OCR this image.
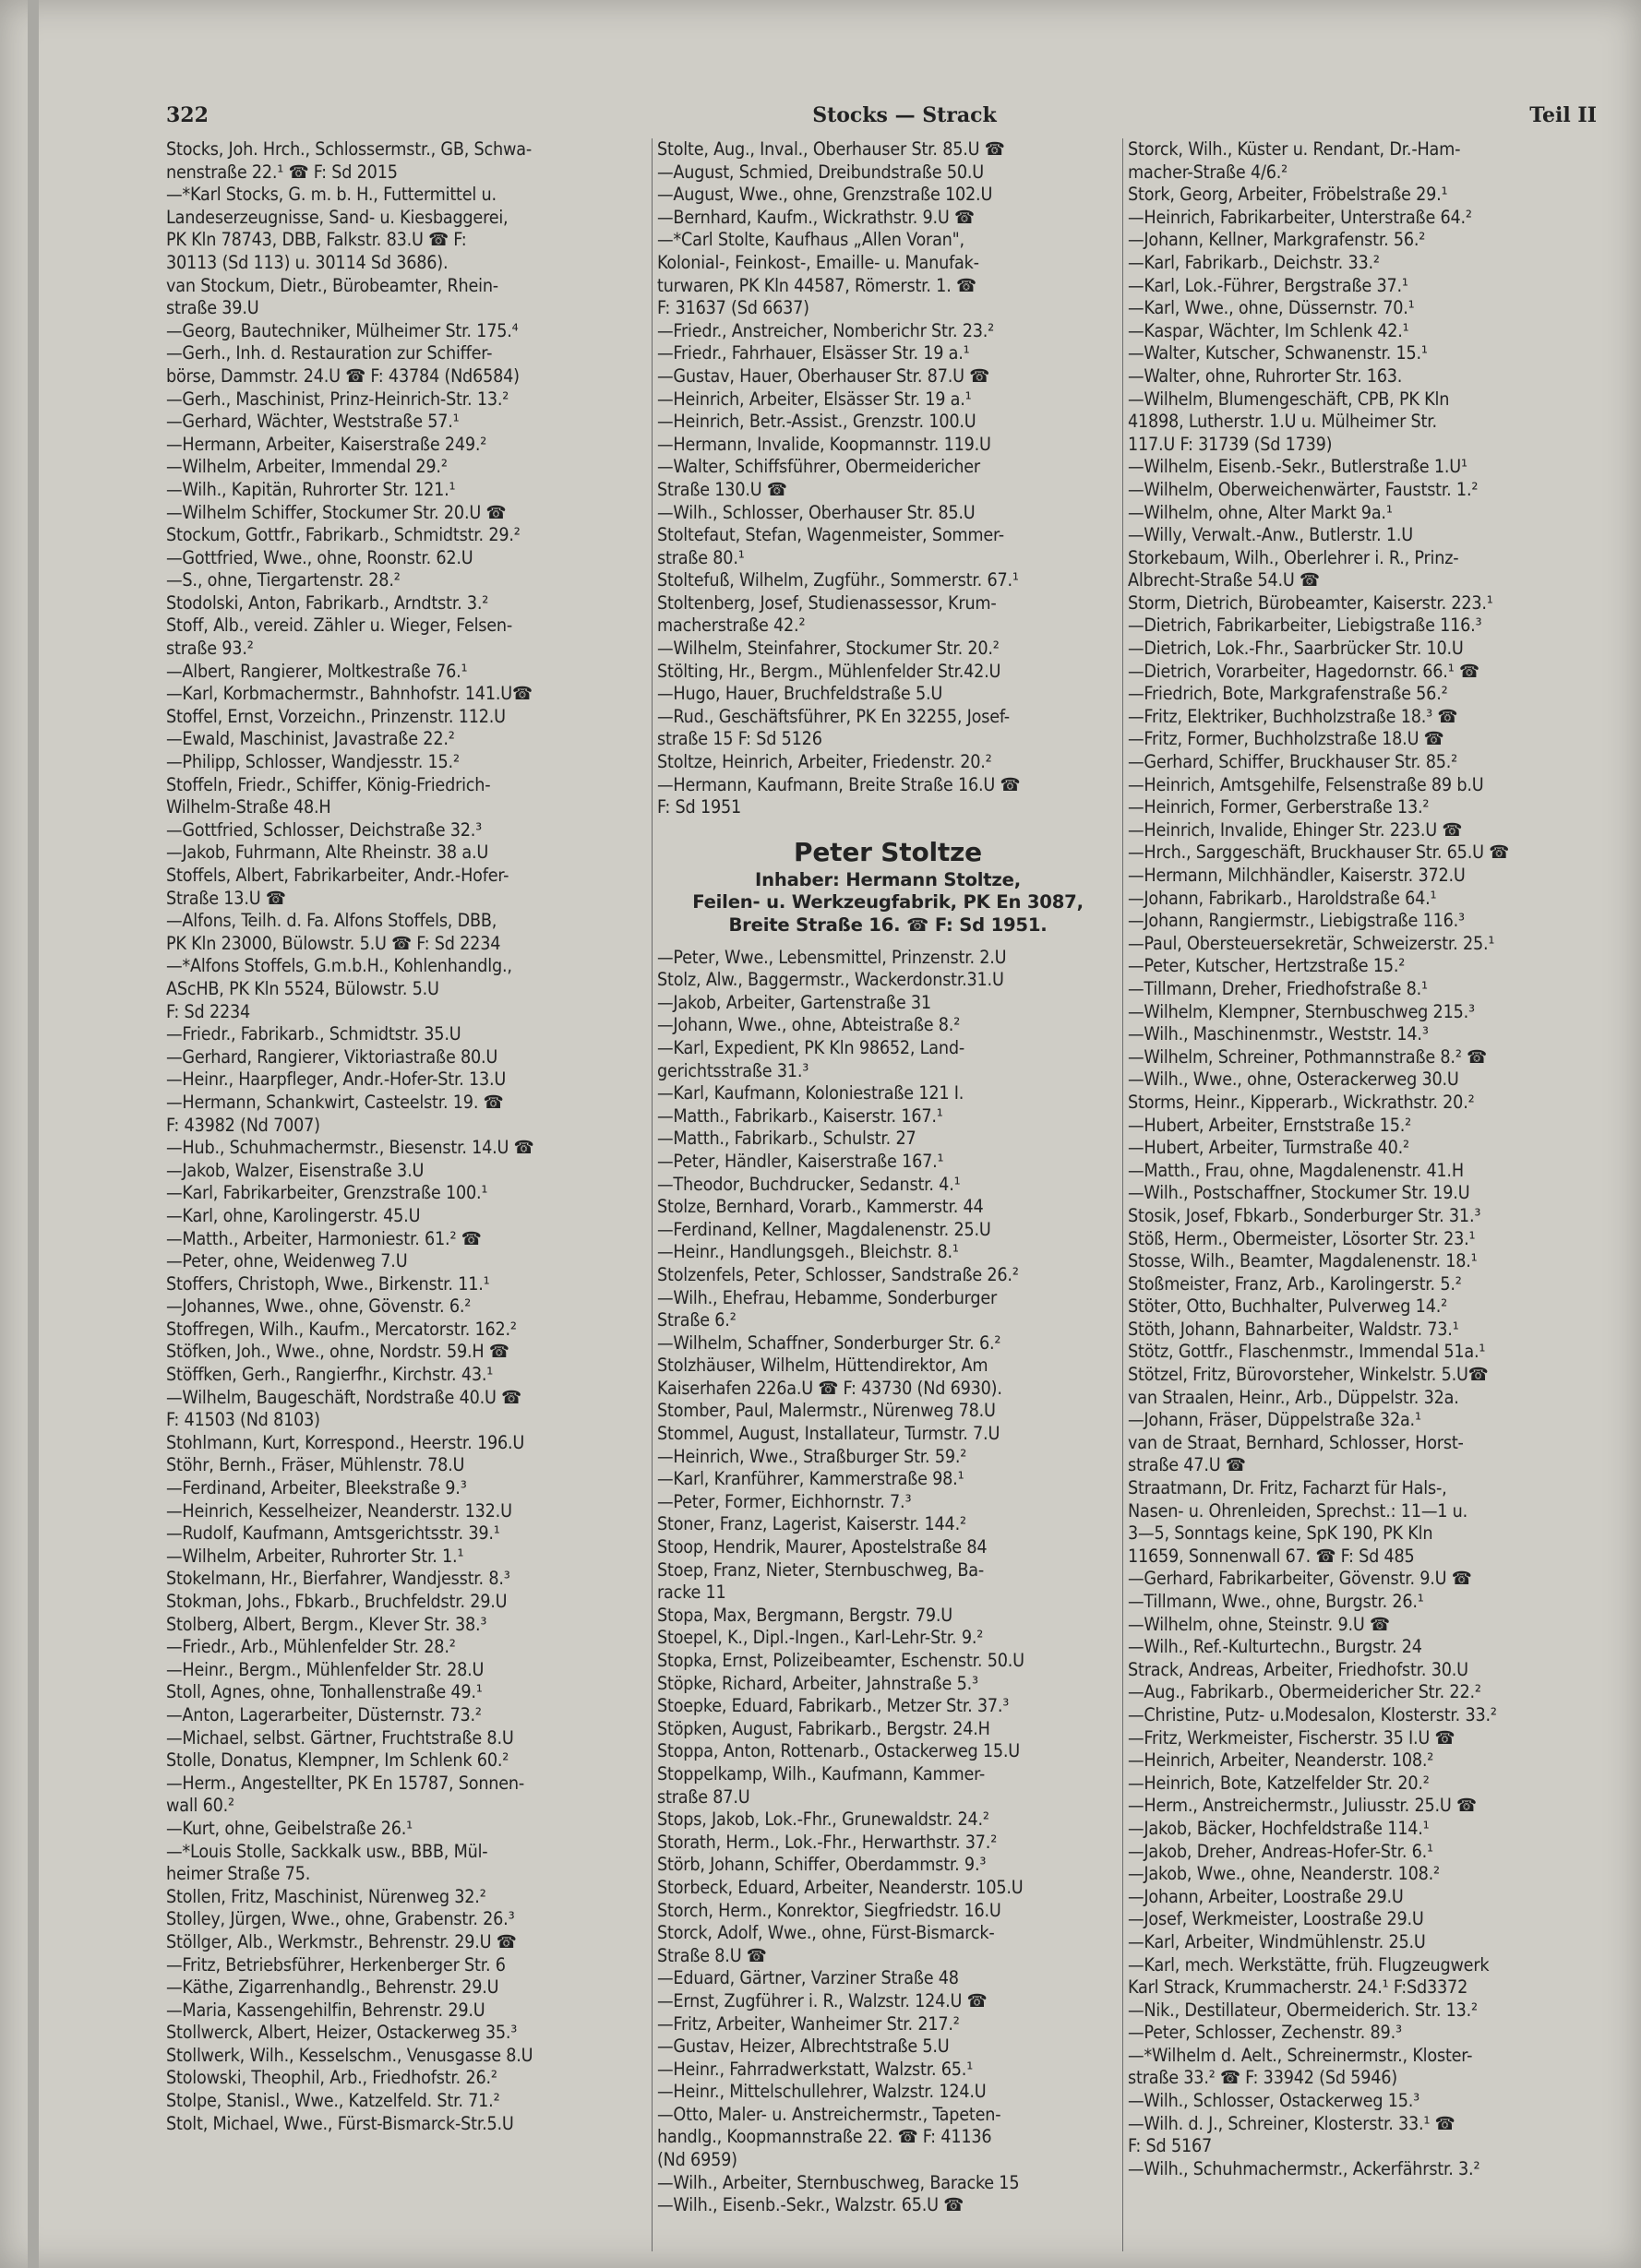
322	Stocks — Strack	Teil II

Stocks, Joh. Hrch., Schlossermstr., GB, Schwa-

nenstraße 22.¹ ☎ F: Sd 2015

—*Karl Stocks, G. m. b. H., Futtermittel u.

Landeserzeugnisse, Sand- u. Kiesbaggerei,

PK Kln 78743, DBB, Falkstr. 83.U ☎ F:

30113 (Sd 113) u. 30114 Sd 3686).

van Stockum, Dietr., Bürobeamter, Rhein-

straße 39.U

—Georg, Bautechniker, Mülheimer Str. 175.⁴

—Gerh., Inh. d. Restauration zur Schiffer-

börse, Dammstr. 24.U ☎ F: 43784 (Nd6584)

—Gerh., Maschinist, Prinz-Heinrich-Str. 13.²

—Gerhard, Wächter, Weststraße 57.¹

—Hermann, Arbeiter, Kaiserstraße 249.²

—Wilhelm, Arbeiter, Immendal 29.²

—Wilh., Kapitän, Ruhrorter Str. 121.¹

—Wilhelm Schiffer, Stockumer Str. 20.U ☎

Stockum, Gottfr., Fabrikarb., Schmidtstr. 29.²

—Gottfried, Wwe., ohne, Roonstr. 62.U

—S., ohne, Tiergartenstr. 28.²

Stodolski, Anton, Fabrikarb., Arndtstr. 3.²

Stoff, Alb., vereid. Zähler u. Wieger, Felsen-

straße 93.²

—Albert, Rangierer, Moltkestraße 76.¹

—Karl, Korbmachermstr., Bahnhofstr. 141.U☎

Stoffel, Ernst, Vorzeichn., Prinzenstr. 112.U

—Ewald, Maschinist, Javastraße 22.²

—Philipp, Schlosser, Wandjesstr. 15.²

Stoffeln, Friedr., Schiffer, König-Friedrich-

Wilhelm-Straße 48.H

—Gottfried, Schlosser, Deichstraße 32.³

—Jakob, Fuhrmann, Alte Rheinstr. 38 a.U

Stoffels, Albert, Fabrikarbeiter, Andr.-Hofer-

Straße 13.U ☎

—Alfons, Teilh. d. Fa. Alfons Stoffels, DBB,

PK Kln 23000, Bülowstr. 5.U ☎ F: Sd 2234

—*Alfons Stoffels, G.m.b.H., Kohlenhandlg.,

AScHB, PK Kln 5524, Bülowstr. 5.U

F: Sd 2234

—Friedr., Fabrikarb., Schmidtstr. 35.U

—Gerhard, Rangierer, Viktoriastraße 80.U

—Heinr., Haarpfleger, Andr.-Hofer-Str. 13.U

—Hermann, Schankwirt, Casteelstr. 19. ☎

F: 43982 (Nd 7007)

—Hub., Schuhmachermstr., Biesenstr. 14.U ☎

—Jakob, Walzer, Eisenstraße 3.U

—Karl, Fabrikarbeiter, Grenzstraße 100.¹

—Karl, ohne, Karolingerstr. 45.U

—Matth., Arbeiter, Harmoniestr. 61.² ☎

—Peter, ohne, Weidenweg 7.U

Stoffers, Christoph, Wwe., Birkenstr. 11.¹

—Johannes, Wwe., ohne, Gövenstr. 6.²

Stoffregen, Wilh., Kaufm., Mercatorstr. 162.²

Stöfken, Joh., Wwe., ohne, Nordstr. 59.H ☎

Stöffken, Gerh., Rangierfhr., Kirchstr. 43.¹

—Wilhelm, Baugeschäft, Nordstraße 40.U ☎

F: 41503 (Nd 8103)

Stohlmann, Kurt, Korrespond., Heerstr. 196.U

Stöhr, Bernh., Fräser, Mühlenstr. 78.U

—Ferdinand, Arbeiter, Bleekstraße 9.³

—Heinrich, Kesselheizer, Neanderstr. 132.U

—Rudolf, Kaufmann, Amtsgerichtsstr. 39.¹

—Wilhelm, Arbeiter, Ruhrorter Str. 1.¹

Stokelmann, Hr., Bierfahrer, Wandjesstr. 8.³

Stokman, Johs., Fbkarb., Bruchfeldstr. 29.U

Stolberg, Albert, Bergm., Klever Str. 38.³

—Friedr., Arb., Mühlenfelder Str. 28.²

—Heinr., Bergm., Mühlenfelder Str. 28.U

Stoll, Agnes, ohne, Tonhallenstraße 49.¹

—Anton, Lagerarbeiter, Düsternstr. 73.²

—Michael, selbst. Gärtner, Fruchtstraße 8.U

Stolle, Donatus, Klempner, Im Schlenk 60.²

—Herm., Angestellter, PK En 15787, Sonnen-

wall 60.²

—Kurt, ohne, Geibelstraße 26.¹

—*Louis Stolle, Sackkalk usw., BBB, Mül-

heimer Straße 75.

Stollen, Fritz, Maschinist, Nürenweg 32.²

Stolley, Jürgen, Wwe., ohne, Grabenstr. 26.³

Stöllger, Alb., Werkmstr., Behrenstr. 29.U ☎

—Fritz, Betriebsführer, Herkenberger Str. 6

—Käthe, Zigarrenhandlg., Behrenstr. 29.U

—Maria, Kassengehilfin, Behrenstr. 29.U

Stollwerck, Albert, Heizer, Ostackerweg 35.³

Stollwerk, Wilh., Kesselschm., Venusgasse 8.U

Stolowski, Theophil, Arb., Friedhofstr. 26.²

Stolpe, Stanisl., Wwe., Katzelfeld. Str. 71.²

Stolt, Michael, Wwe., Fürst-Bismarck-Str.5.U

Stolte, Aug., Inval., Oberhauser Str. 85.U ☎

—August, Schmied, Dreibundstraße 50.U

—August, Wwe., ohne, Grenzstraße 102.U

—Bernhard, Kaufm., Wickrathstr. 9.U ☎

—*Carl Stolte, Kaufhaus „Allen Voran",

Kolonial-, Feinkost-, Emaille- u. Manufak-

turwaren, PK Kln 44587, Römerstr. 1. ☎

F: 31637 (Sd 6637)

—Friedr., Anstreicher, Nomberichr Str. 23.²

—Friedr., Fahrhauer, Elsässer Str. 19 a.¹

—Gustav, Hauer, Oberhauser Str. 87.U ☎

—Heinrich, Arbeiter, Elsässer Str. 19 a.¹

—Heinrich, Betr.-Assist., Grenzstr. 100.U

—Hermann, Invalide, Koopmannstr. 119.U

—Walter, Schiffsführer, Obermeidericher

Straße 130.U ☎

—Wilh., Schlosser, Oberhauser Str. 85.U

Stoltefaut, Stefan, Wagenmeister, Sommer-

straße 80.¹

Stoltefuß, Wilhelm, Zugführ., Sommerstr. 67.¹

Stoltenberg, Josef, Studienassessor, Krum-

macherstraße 42.²

—Wilhelm, Steinfahrer, Stockumer Str. 20.²

Stölting, Hr., Bergm., Mühlenfelder Str.42.U

—Hugo, Hauer, Bruchfeldstraße 5.U

—Rud., Geschäftsführer, PK En 32255, Josef-

straße 15 F: Sd 5126

Stoltze, Heinrich, Arbeiter, Friedenstr. 20.²

—Hermann, Kaufmann, Breite Straße 16.U ☎

F: Sd 1951

Peter Stoltze

Inhaber: Hermann Stoltze,

Feilen- u. Werkzeugfabrik, PK En 3087,

Breite Straße 16. ☎ F: Sd 1951.

—Peter, Wwe., Lebensmittel, Prinzenstr. 2.U

Stolz, Alw., Baggermstr., Wackerdonstr.31.U

—Jakob, Arbeiter, Gartenstraße 31

—Johann, Wwe., ohne, Abteistraße 8.²

—Karl, Expedient, PK Kln 98652, Land-

gerichtsstraße 31.³

—Karl, Kaufmann, Koloniestraße 121 I.

—Matth., Fabrikarb., Kaiserstr. 167.¹

—Matth., Fabrikarb., Schulstr. 27

—Peter, Händler, Kaiserstraße 167.¹

—Theodor, Buchdrucker, Sedanstr. 4.¹

Stolze, Bernhard, Vorarb., Kammerstr. 44

—Ferdinand, Kellner, Magdalenenstr. 25.U

—Heinr., Handlungsgeh., Bleichstr. 8.¹

Stolzenfels, Peter, Schlosser, Sandstraße 26.²

—Wilh., Ehefrau, Hebamme, Sonderburger

Straße 6.²

—Wilhelm, Schaffner, Sonderburger Str. 6.²

Stolzhäuser, Wilhelm, Hüttendirektor, Am

Kaiserhafen 226a.U ☎ F: 43730 (Nd 6930).

Stomber, Paul, Malermstr., Nürenweg 78.U

Stommel, August, Installateur, Turmstr. 7.U

—Heinrich, Wwe., Straßburger Str. 59.²

—Karl, Kranführer, Kammerstraße 98.¹

—Peter, Former, Eichhornstr. 7.³

Stoner, Franz, Lagerist, Kaiserstr. 144.²

Stoop, Hendrik, Maurer, Apostelstraße 84

Stoep, Franz, Nieter, Sternbuschweg, Ba-

racke 11

Stopa, Max, Bergmann, Bergstr. 79.U

Stoepel, K., Dipl.-Ingen., Karl-Lehr-Str. 9.²

Stopka, Ernst, Polizeibeamter, Eschenstr. 50.U

Stöpke, Richard, Arbeiter, Jahnstraße 5.³

Stoepke, Eduard, Fabrikarb., Metzer Str. 37.³

Stöpken, August, Fabrikarb., Bergstr. 24.H

Stoppa, Anton, Rottenarb., Ostackerweg 15.U

Stoppelkamp, Wilh., Kaufmann, Kammer-

straße 87.U

Stops, Jakob, Lok.-Fhr., Grunewaldstr. 24.²

Storath, Herm., Lok.-Fhr., Herwarthstr. 37.²

Störb, Johann, Schiffer, Oberdammstr. 9.³

Storbeck, Eduard, Arbeiter, Neanderstr. 105.U

Storch, Herm., Konrektor, Siegfriedstr. 16.U

Storck, Adolf, Wwe., ohne, Fürst-Bismarck-

Straße 8.U ☎

—Eduard, Gärtner, Varziner Straße 48

—Ernst, Zugführer i. R., Walzstr. 124.U ☎

—Fritz, Arbeiter, Wanheimer Str. 217.²

—Gustav, Heizer, Albrechtstraße 5.U

—Heinr., Fahrradwerkstatt, Walzstr. 65.¹

—Heinr., Mittelschullehrer, Walzstr. 124.U

—Otto, Maler- u. Anstreichermstr., Tapeten-

handlg., Koopmannstraße 22. ☎ F: 41136

(Nd 6959)

—Wilh., Arbeiter, Sternbuschweg, Baracke 15

—Wilh., Eisenb.-Sekr., Walzstr. 65.U ☎

Storck, Wilh., Küster u. Rendant, Dr.-Ham-

macher-Straße 4/6.²

Stork, Georg, Arbeiter, Fröbelstraße 29.¹

—Heinrich, Fabrikarbeiter, Unterstraße 64.²

—Johann, Kellner, Markgrafenstr. 56.²

—Karl, Fabrikarb., Deichstr. 33.²

—Karl, Lok.-Führer, Bergstraße 37.¹

—Karl, Wwe., ohne, Düssernstr. 70.¹

—Kaspar, Wächter, Im Schlenk 42.¹

—Walter, Kutscher, Schwanenstr. 15.¹

—Walter, ohne, Ruhrorter Str. 163.

—Wilhelm, Blumengeschäft, CPB, PK Kln

41898, Lutherstr. 1.U u. Mülheimer Str.

117.U F: 31739 (Sd 1739)

—Wilhelm, Eisenb.-Sekr., Butlerstraße 1.U¹

—Wilhelm, Oberweichenwärter, Fauststr. 1.²

—Wilhelm, ohne, Alter Markt 9a.¹

—Willy, Verwalt.-Anw., Butlerstr. 1.U

Storkebaum, Wilh., Oberlehrer i. R., Prinz-

Albrecht-Straße 54.U ☎

Storm, Dietrich, Bürobeamter, Kaiserstr. 223.¹

—Dietrich, Fabrikarbeiter, Liebigstraße 116.³

—Dietrich, Lok.-Fhr., Saarbrücker Str. 10.U

—Dietrich, Vorarbeiter, Hagedornstr. 66.¹ ☎

—Friedrich, Bote, Markgrafenstraße 56.²

—Fritz, Elektriker, Buchholzstraße 18.³ ☎

—Fritz, Former, Buchholzstraße 18.U ☎

—Gerhard, Schiffer, Bruckhauser Str. 85.²

—Heinrich, Amtsgehilfe, Felsenstraße 89 b.U

—Heinrich, Former, Gerberstraße 13.²

—Heinrich, Invalide, Ehinger Str. 223.U ☎

—Hrch., Sarggeschäft, Bruckhauser Str. 65.U ☎

—Hermann, Milchhändler, Kaiserstr. 372.U

—Johann, Fabrikarb., Haroldstraße 64.¹

—Johann, Rangiermstr., Liebigstraße 116.³

—Paul, Obersteuersekretär, Schweizerstr. 25.¹

—Peter, Kutscher, Hertzstraße 15.²

—Tillmann, Dreher, Friedhofstraße 8.¹

—Wilhelm, Klempner, Sternbuschweg 215.³

—Wilh., Maschinenmstr., Weststr. 14.³

—Wilhelm, Schreiner, Pothmannstraße 8.² ☎

—Wilh., Wwe., ohne, Osterackerweg 30.U

Storms, Heinr., Kipperarb., Wickrathstr. 20.²

—Hubert, Arbeiter, Ernststraße 15.²

—Hubert, Arbeiter, Turmstraße 40.²

—Matth., Frau, ohne, Magdalenenstr. 41.H

—Wilh., Postschaffner, Stockumer Str. 19.U

Stosik, Josef, Fbkarb., Sonderburger Str. 31.³

Stöß, Herm., Obermeister, Lösorter Str. 23.¹

Stosse, Wilh., Beamter, Magdalenenstr. 18.¹

Stoßmeister, Franz, Arb., Karolingerstr. 5.²

Stöter, Otto, Buchhalter, Pulverweg 14.²

Stöth, Johann, Bahnarbeiter, Waldstr. 73.¹

Stötz, Gottfr., Flaschenmstr., Immendal 51a.¹

Stötzel, Fritz, Bürovorsteher, Winkelstr. 5.U☎

van Straalen, Heinr., Arb., Düppelstr. 32a.

—Johann, Fräser, Düppelstraße 32a.¹

van de Straat, Bernhard, Schlosser, Horst-

straße 47.U ☎

Straatmann, Dr. Fritz, Facharzt für Hals-,

Nasen- u. Ohrenleiden, Sprechst.: 11—1 u.

3—5, Sonntags keine, SpK 190, PK Kln

11659, Sonnenwall 67. ☎ F: Sd 485

—Gerhard, Fabrikarbeiter, Gövenstr. 9.U ☎

—Tillmann, Wwe., ohne, Burgstr. 26.¹

—Wilhelm, ohne, Steinstr. 9.U ☎

—Wilh., Ref.-Kulturtechn., Burgstr. 24

Strack, Andreas, Arbeiter, Friedhofstr. 30.U

—Aug., Fabrikarb., Obermeidericher Str. 22.²

—Christine, Putz- u.Modesalon, Klosterstr. 33.²

—Fritz, Werkmeister, Fischerstr. 35 I.U ☎

—Heinrich, Arbeiter, Neanderstr. 108.²

—Heinrich, Bote, Katzelfelder Str. 20.²

—Herm., Anstreichermstr., Juliusstr. 25.U ☎

—Jakob, Bäcker, Hochfeldstraße 114.¹

—Jakob, Dreher, Andreas-Hofer-Str. 6.¹

—Jakob, Wwe., ohne, Neanderstr. 108.²

—Johann, Arbeiter, Loostraße 29.U

—Josef, Werkmeister, Loostraße 29.U

—Karl, Arbeiter, Windmühlenstr. 25.U

—Karl, mech. Werkstätte, früh. Flugzeugwerk

Karl Strack, Krummacherstr. 24.¹ F:Sd3372

—Nik., Destillateur, Obermeiderich. Str. 13.²

—Peter, Schlosser, Zechenstr. 89.³

—*Wilhelm d. Aelt., Schreinermstr., Kloster-

straße 33.² ☎ F: 33942 (Sd 5946)

—Wilh., Schlosser, Ostackerweg 15.³

—Wilh. d. J., Schreiner, Klosterstr. 33.¹ ☎

F: Sd 5167

—Wilh., Schuhmachermstr., Ackerfährstr. 3.²
